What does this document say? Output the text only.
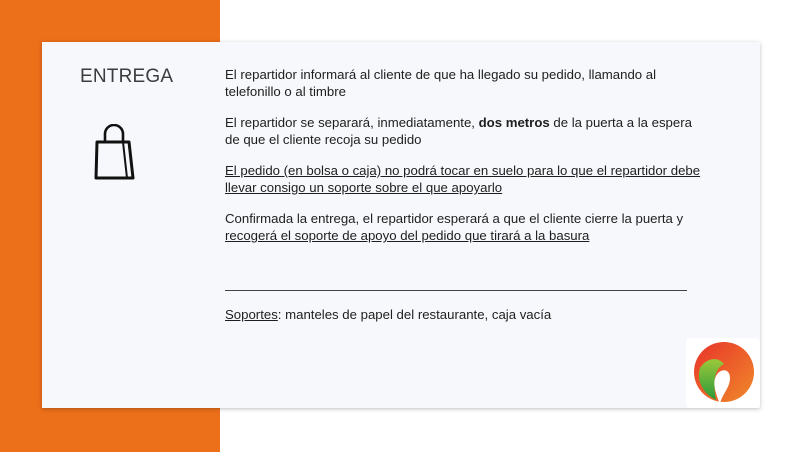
ENTREGA	El repartidor informará al cliente de que ha llegado su pedido, llamando al telefonillo o al timbre

El repartidor se separará, inmediatamente, dos metros de la puerta a la espera de que el cliente recoja su pedido

El pedido (en bolsa o caja) no podrá tocar en suelo para lo que el repartidor debe llevar consigo un soporte sobre el que apoyarlo

Confirmada la entrega, el repartidor esperará a que el cliente cierre la puerta y recogerá el soporte de apoyo del pedido que tirará a la basura

Soportes: manteles de papel del restaurante, caja vacía
